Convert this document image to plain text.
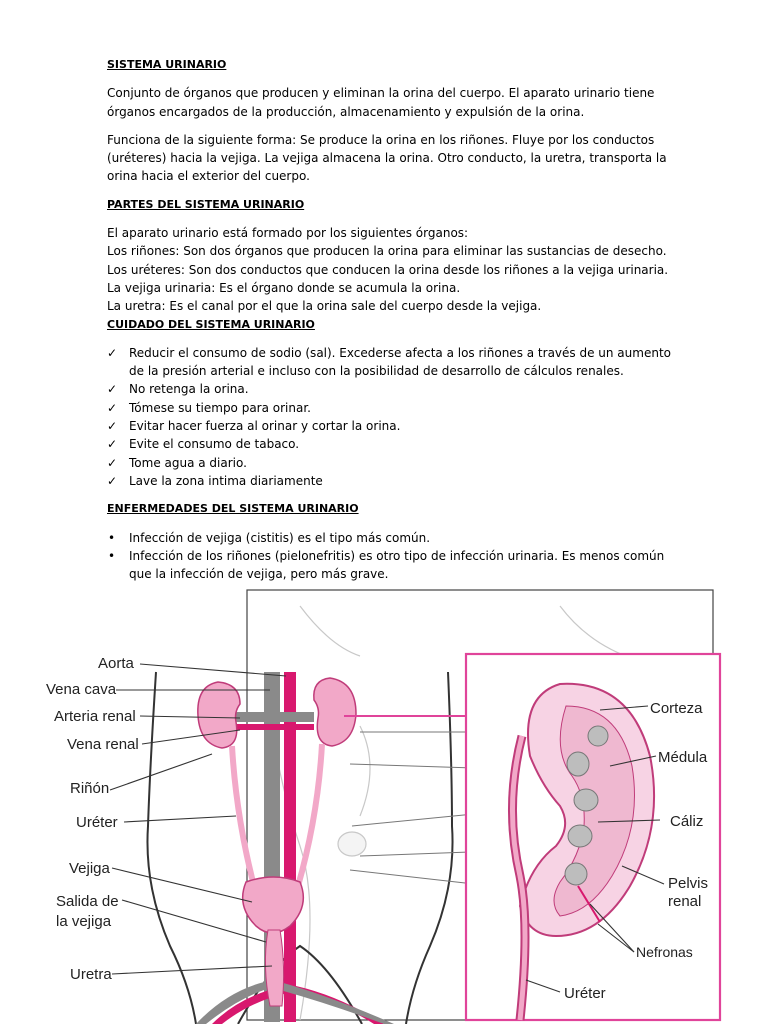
SISTEMA URINARIO

Conjunto de órganos que producen y eliminan la orina del cuerpo. El aparato urinario tiene órganos encargados de la producción, almacenamiento y expulsión de la orina.

Funciona de la siguiente forma: Se produce la orina en los riñones. Fluye por los conductos (uréteres) hacia la vejiga. La vejiga almacena la orina. Otro conducto, la uretra, transporta la orina hacia el exterior del cuerpo.

PARTES DEL SISTEMA URINARIO

El aparato urinario está formado por los siguientes órganos:

Los riñones: Son dos órganos que producen la orina para eliminar las sustancias de desecho.

Los uréteres: Son dos conductos que conducen la orina desde los riñones a la vejiga urinaria.

La vejiga urinaria: Es el órgano donde se acumula la orina.

La uretra: Es el canal por el que la orina sale del cuerpo desde la vejiga.

CUIDADO DEL SISTEMA URINARIO

✓ Reducir el consumo de sodio (sal). Excederse afecta a los riñones a través de un aumento de la presión arterial e incluso con la posibilidad de desarrollo de cálculos renales.
✓ No retenga la orina.
✓ Tómese su tiempo para orinar.
✓ Evitar hacer fuerza al orinar y cortar la orina.
✓ Evite el consumo de tabaco.
✓ Tome agua a diario.
✓ Lave la zona intima diariamente

ENFERMEDADES DEL SISTEMA URINARIO

• Infección de vejiga (cistitis) es el tipo más común.
• Infección de los riñones (pielonefritis) es otro tipo de infección urinaria. Es menos común que la infección de vejiga, pero más grave.
Aorta
Vena cava
Arteria renal
Vena renal
Riñón
Uréter
Vejiga
Salida de
la vejiga
Uretra
Corteza
Médula
Cáliz
Pelvis
renal
Nefronas
Uréter
